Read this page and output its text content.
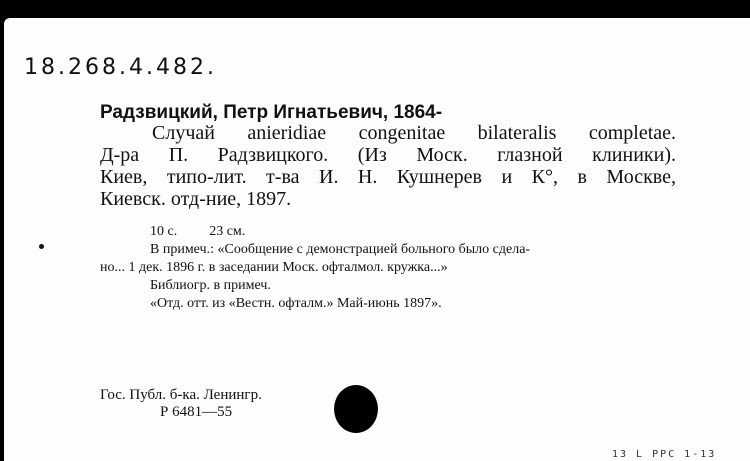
18.268.4.482.
Радзвицкий, Петр Игнатьевич, 1864-
Случай anieridiae congenitae bilateralis completae.
Д-ра П. Радзвицкого. (Из Моск. глазной клиники).
Киев, типо-лит. т-ва И. Н. Кушнерев и К°, в Москве,
Киевск. отд-ние, 1897.
10 с. 23 см.
В примеч.: «Сообщение с демонстрацией больного было сдела-
но... 1 дек. 1896 г. в заседании Моск. офталмол. кружка...»
Библиогр. в примеч.
«Отд. отт. из «Вестн. офталм.» Май-июнь 1897».
Гос. Публ. б-ка. Ленингр.
Р 6481—55
13 L PPC 1-13
